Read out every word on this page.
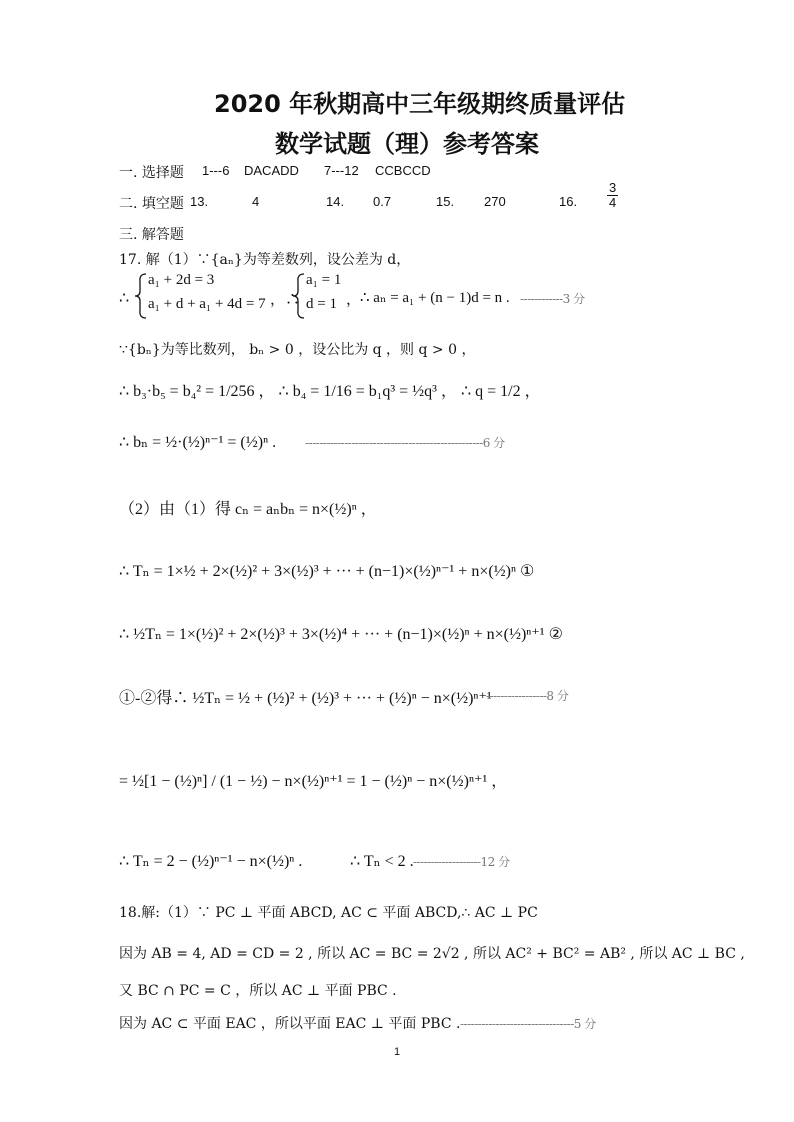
2020 年秋期高中三年级期终质量评估
数学试题（理）参考答案
一. 选择题 1---6 DACADD 7---12 CCBCCD
二. 填空题 13.	4	14. 0.7	15. 270	16. $\frac{3}{4}$
三. 解答题
17. 解（1）∵{aₙ}为等差数列，设公差为 d，
∴
a₁ + 2d = 3
a₁ + d + a₁ + 4d = 7 ，∴
a₁ = 1
d = 1 ，
∴ aₙ = a₁ + (n − 1)d = n . ------------3 分
∵{bₙ}为等比数列， bₙ > 0 ，设公比为 q ，则 q > 0 ，
∴ b₃·b₅ = b₄² = 1/256 ， ∴ b₄ = 1/16 = b₁q³ = ½q³ ， ∴ q = 1/2 ，
∴ bₙ = ½·(½)ⁿ⁻¹ = (½)ⁿ . --------------------------------------------------6 分
（2）由（1）得 cₙ = aₙbₙ = n×(½)ⁿ ，
∴ Tₙ = 1×½ + 2×(½)² + 3×(½)³ + ··· + (n−1)×(½)ⁿ⁻¹ + n×(½)ⁿ ①
∴ ½Tₙ = 1×(½)² + 2×(½)³ + 3×(½)⁴ + ··· + (n−1)×(½)ⁿ + n×(½)ⁿ⁺¹ ②
①-②得∴ ½Tₙ = ½ + (½)² + (½)³ + ··· + (½)ⁿ − n×(½)ⁿ⁺¹
-----------------8 分
= ½[1 − (½)ⁿ] / (1 − ½) − n×(½)ⁿ⁺¹ = 1 − (½)ⁿ − n×(½)ⁿ⁺¹ ，
∴ Tₙ = 2 − (½)ⁿ⁻¹ − n×(½)ⁿ .	∴ Tₙ < 2 . -------------------12 分
18.解:（1）∵ PC ⊥ 平面 ABCD, AC ⊂ 平面 ABCD,∴ AC ⊥ PC
因为 AB = 4, AD = CD = 2 , 所以 AC = BC = 2√2 , 所以 AC² + BC² = AB² , 所以 AC ⊥ BC ,
又 BC ∩ PC = C ，所以 AC ⊥ 平面 PBC .
因为 AC ⊂ 平面 EAC ，所以平面 EAC ⊥ 平面 PBC . --------------------------------5 分
1
